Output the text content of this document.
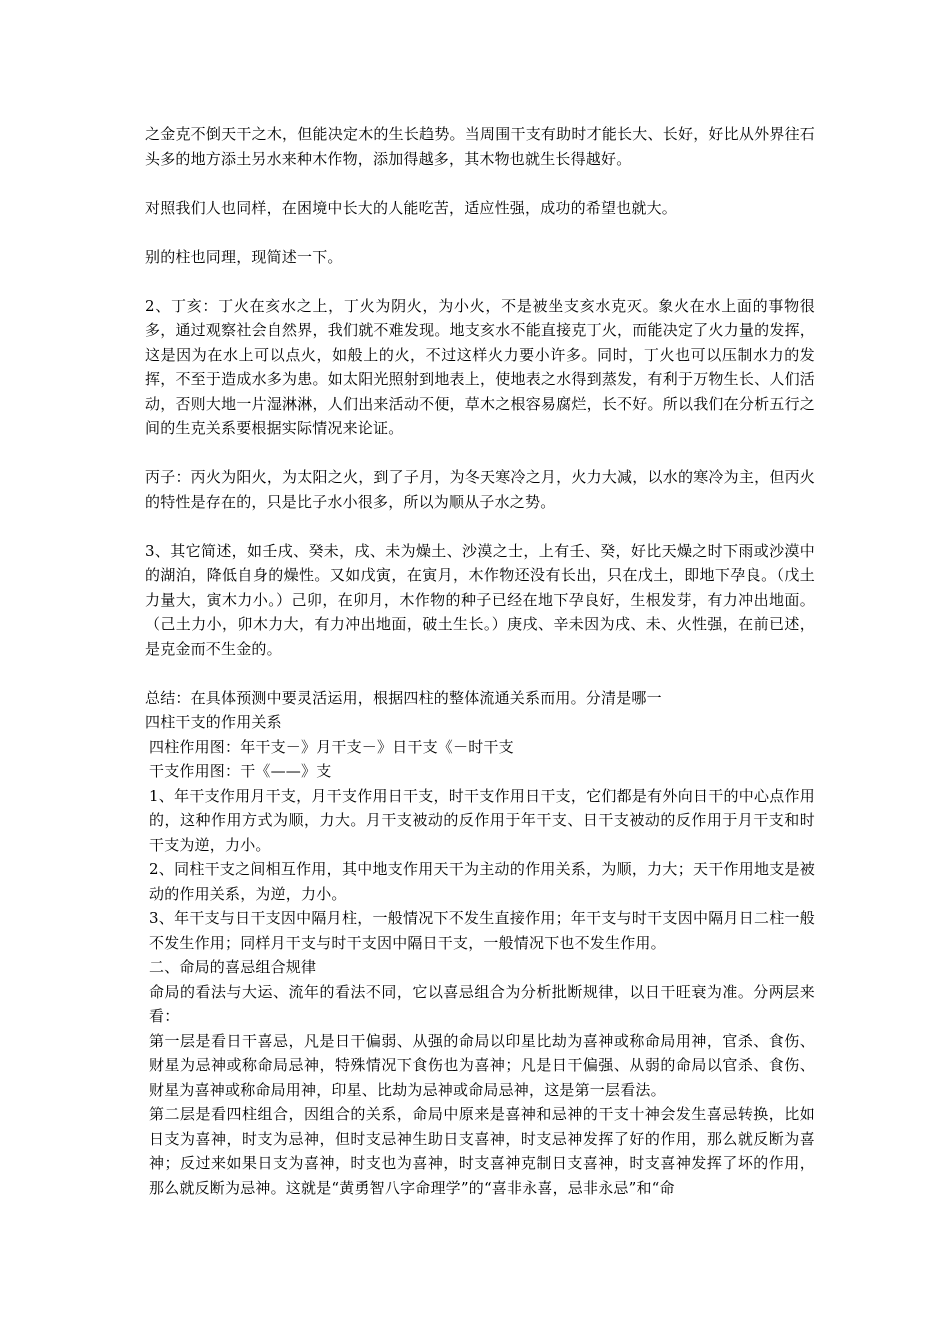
之金克不倒天干之木，但能决定木的生长趋势。当周围干支有助时才能长大、长好，好比从外界往石头多的地方添土另水来种木作物，添加得越多，其木物也就生长得越好。

对照我们人也同样，在困境中长大的人能吃苦，适应性强，成功的希望也就大。

别的柱也同理，现简述一下。

2、丁亥：丁火在亥水之上，丁火为阴火，为小火，不是被坐支亥水克灭。象火在水上面的事物很多，通过观察社会自然界，我们就不难发现。地支亥水不能直接克丁火，而能决定了火力量的发挥，这是因为在水上可以点火，如般上的火，不过这样火力要小许多。同时，丁火也可以压制水力的发挥，不至于造成水多为患。如太阳光照射到地表上，使地表之水得到蒸发，有利于万物生长、人们活动，否则大地一片湿淋淋，人们出来活动不便，草木之根容易腐烂，长不好。所以我们在分析五行之间的生克关系要根据实际情况来论证。

丙子：丙火为阳火，为太阳之火，到了子月，为冬天寒冷之月，火力大减，以水的寒冷为主，但丙火的特性是存在的，只是比子水小很多，所以为顺从子水之势。

3、其它简述，如壬戌、癸未，戌、未为燥土、沙漠之士，上有壬、癸，好比天燥之时下雨或沙漠中的湖泊，降低自身的燥性。又如戊寅，在寅月，木作物还没有长出，只在戊土，即地下孕良。（戊土力量大，寅木力小。）己卯，在卯月，木作物的种子已经在地下孕良好，生根发芽，有力冲出地面。（己土力小，卯木力大，有力冲出地面，破土生长。）庚戌、辛未因为戌、未、火性强，在前已述，是克金而不生金的。

总结：在具体预测中要灵活运用，根据四柱的整体流通关系而用。分清是哪一

四柱干支的作用关系

四柱作用图：年干支－》月干支－》日干支《－时干支

干支作用图：干《——》支

1、年干支作用月干支，月干支作用日干支，时干支作用日干支，它们都是有外向日干的中心点作用的，这种作用方式为顺，力大。月干支被动的反作用于年干支、日干支被动的反作用于月干支和时干支为逆，力小。

2、同柱干支之间相互作用，其中地支作用天干为主动的作用关系，为顺，力大；天干作用地支是被动的作用关系，为逆，力小。

3、年干支与日干支因中隔月柱，一般情况下不发生直接作用；年干支与时干支因中隔月日二柱一般不发生作用；同样月干支与时干支因中隔日干支，一般情况下也不发生作用。

二、命局的喜忌组合规律

命局的看法与大运、流年的看法不同，它以喜忌组合为分析批断规律，以日干旺衰为准。分两层来看：

第一层是看日干喜忌，凡是日干偏弱、从强的命局以印星比劫为喜神或称命局用神，官杀、食伤、财星为忌神或称命局忌神，特殊情况下食伤也为喜神；凡是日干偏强、从弱的命局以官杀、食伤、财星为喜神或称命局用神，印星、比劫为忌神或命局忌神，这是第一层看法。

第二层是看四柱组合，因组合的关系，命局中原来是喜神和忌神的干支十神会发生喜忌转换，比如日支为喜神，时支为忌神，但时支忌神生助日支喜神，时支忌神发挥了好的作用，那么就反断为喜神；反过来如果日支为喜神，时支也为喜神，时支喜神克制日支喜神，时支喜神发挥了坏的作用，那么就反断为忌神。这就是“黄勇智八字命理学”的“喜非永喜，忌非永忌”和“命
